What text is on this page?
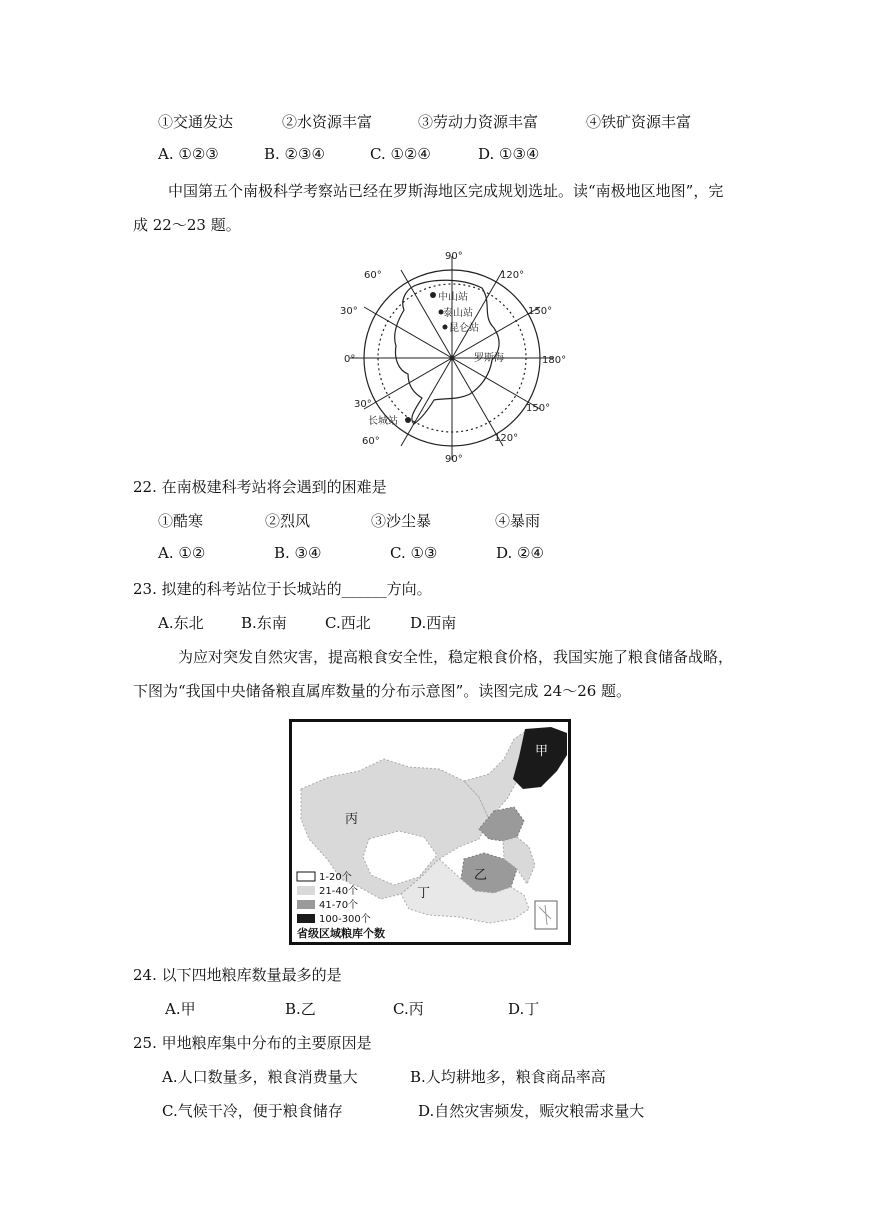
①交通发达	②水资源丰富	③劳动力资源丰富	④铁矿资源丰富
A. ①②③	B. ②③④	C. ①②④	D. ①③④
中国第五个南极科学考察站已经在罗斯海地区完成规划选址。读“南极地区地图”，完
成 22～23 题。
中山站
泰山站
昆仑站
长城站
罗斯海
90°
120°
150°
180°
150°
120°
90°
60°
30°
0°
30°
60°
22. 在南极建科考站将会遇到的困难是
①酷寒	②烈风	③沙尘暴	④暴雨
A. ①②	B. ③④	C. ①③	D. ②④
23. 拟建的科考站位于长城站的______方向。
A.东北 B.东南	C.西北	D.西南
为应对突发自然灾害，提高粮食安全性，稳定粮食价格，我国实施了粮食储备战略，
下图为“我国中央储备粮直属库数量的分布示意图”。读图完成 24～26 题。
甲
乙
丙
丁
1-20个
21-40个
41-70个
100-300个
省级区域粮库个数
24. 以下四地粮库数量最多的是
A.甲	B.乙	C.丙	D.丁
25. 甲地粮库集中分布的主要原因是
A.人口数量多，粮食消费量大	B.人均耕地多，粮食商品率高
C.气候干冷，便于粮食储存	D.自然灾害频发，赈灾粮需求量大
